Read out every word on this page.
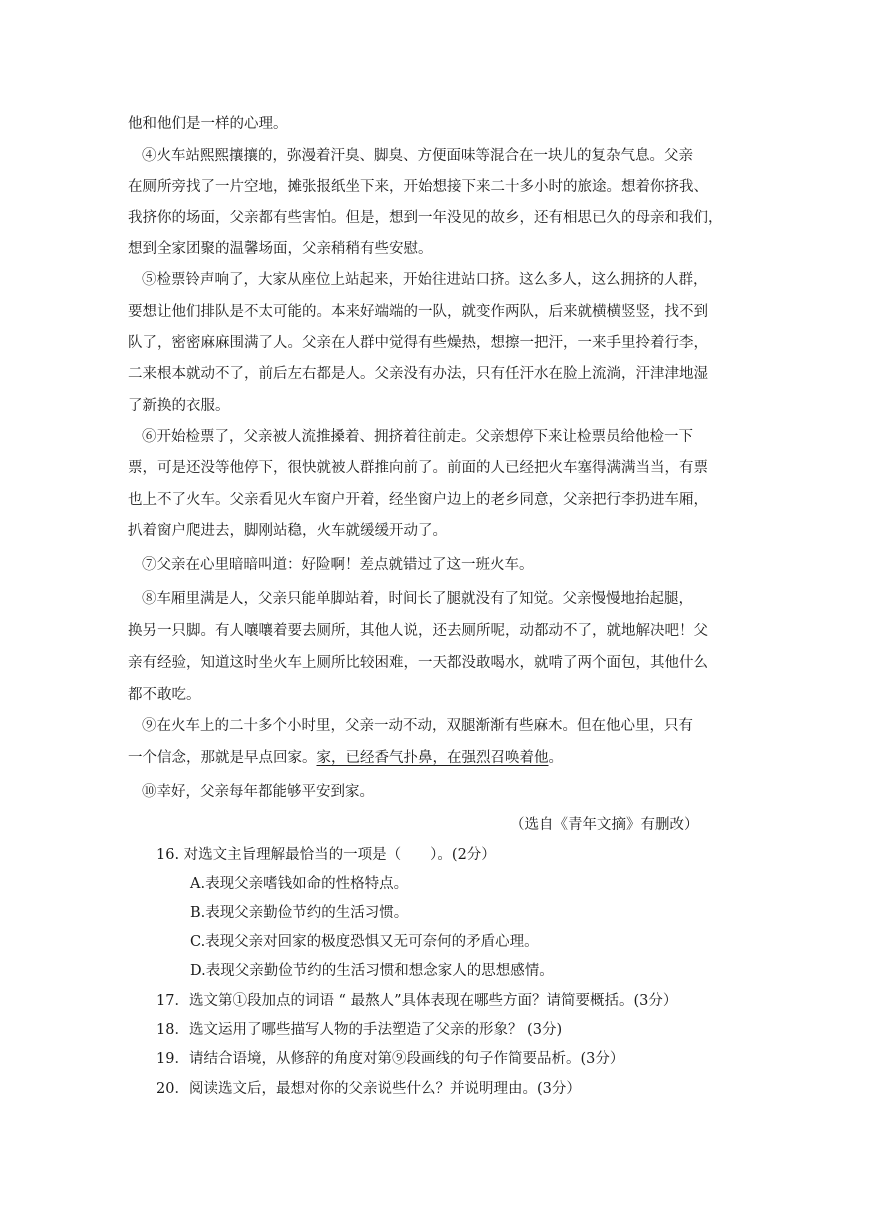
他和他们是一样的心理。
④火车站熙熙攘攘的，弥漫着汗臭、脚臭、方便面味等混合在一块儿的复杂气息。父亲
在厕所旁找了一片空地，摊张报纸坐下来，开始想接下来二十多小时的旅途。想着你挤我、
我挤你的场面，父亲都有些害怕。但是，想到一年没见的故乡，还有相思已久的母亲和我们，
想到全家团聚的温馨场面，父亲稍稍有些安慰。
⑤检票铃声响了，大家从座位上站起来，开始往进站口挤。这么多人，这么拥挤的人群，
要想让他们排队是不太可能的。本来好端端的一队，就变作两队，后来就横横竖竖，找不到
队了，密密麻麻围满了人。父亲在人群中觉得有些燥热，想擦一把汗，一来手里拎着行李，
二来根本就动不了，前后左右都是人。父亲没有办法，只有任汗水在脸上流淌，汗津津地湿
了新换的衣服。
⑥开始检票了，父亲被人流推搡着、拥挤着往前走。父亲想停下来让检票员给他检一下
票，可是还没等他停下，很快就被人群推向前了。前面的人已经把火车塞得满满当当，有票
也上不了火车。父亲看见火车窗户开着，经坐窗户边上的老乡同意，父亲把行李扔进车厢，
扒着窗户爬进去，脚刚站稳，火车就缓缓开动了。
⑦父亲在心里暗暗叫道：好险啊！差点就错过了这一班火车。
⑧车厢里满是人，父亲只能单脚站着，时间长了腿就没有了知觉。父亲慢慢地抬起腿，
换另一只脚。有人嚷嚷着要去厕所，其他人说，还去厕所呢，动都动不了，就地解决吧！父
亲有经验，知道这时坐火车上厕所比较困难，一天都没敢喝水，就啃了两个面包，其他什么
都不敢吃。
⑨在火车上的二十多个小时里，父亲一动不动，双腿渐渐有些麻木。但在他心里，只有
一个信念，那就是早点回家。家，已经香气扑鼻，在强烈召唤着他。
⑩幸好，父亲每年都能够平安到家。
（选自《青年文摘》有删改）
16. 对选文主旨理解最恰当的一项是（　　）。(2分）
A.表现父亲嗜钱如命的性格特点。
B.表现父亲勤俭节约的生活习惯。
C.表现父亲对回家的极度恐惧又无可奈何的矛盾心理。
D.表现父亲勤俭节约的生活习惯和想念家人的思想感情。
17．选文第①段加点的词语 “ 最熬人”具体表现在哪些方面？请简要概括。(3分）
18．选文运用了哪些描写人物的手法塑造了父亲的形象？ (3分)
19．请结合语境，从修辞的角度对第⑨段画线的句子作简要品析。(3分）
20．阅读选文后，最想对你的父亲说些什么？并说明理由。(3分）
